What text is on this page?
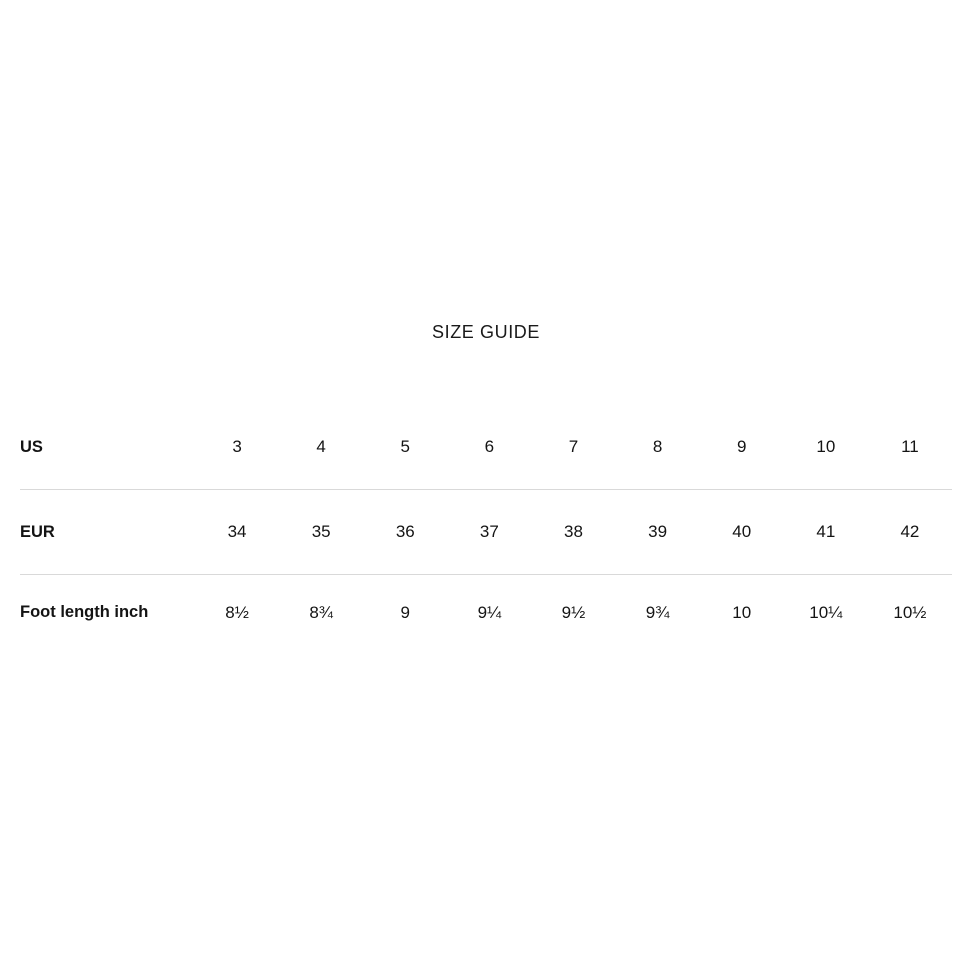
SIZE GUIDE
US	3	4	5	6	7	8	9	10	11
EUR	34	35	36	37	38	39	40	41	42
Foot length inch	8½	8¾	9	9¼	9½	9¾	10	10¼	10½
